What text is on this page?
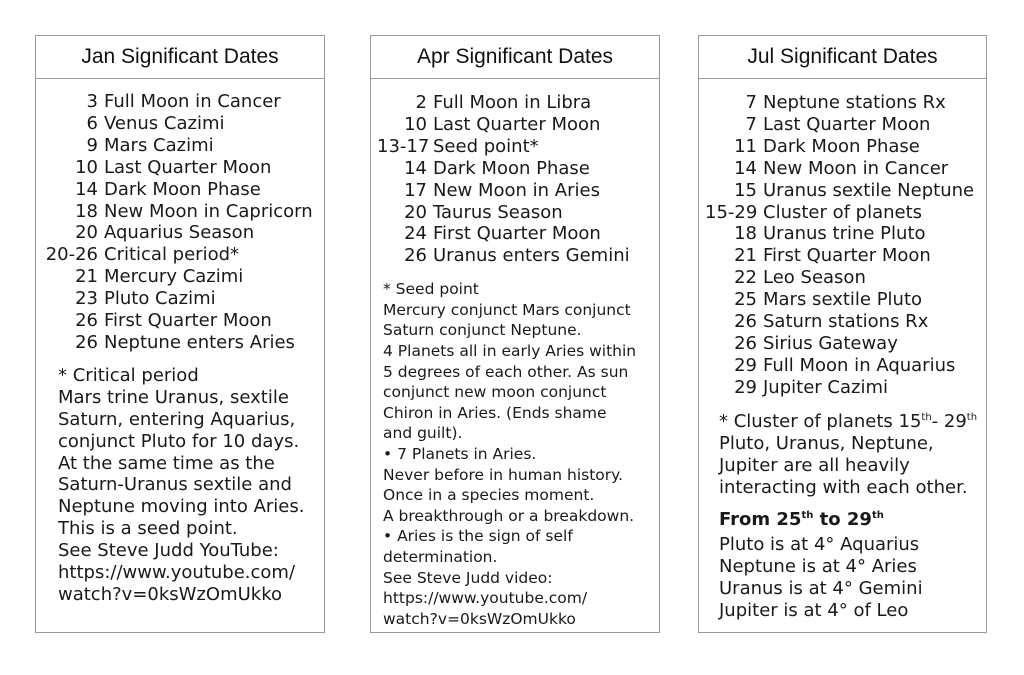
Jan Significant Dates
3 Full Moon in Cancer
6 Venus Cazimi
9 Mars Cazimi
10 Last Quarter Moon
14 Dark Moon Phase
18 New Moon in Capricorn
20 Aquarius Season
20-26 Critical period*
21 Mercury Cazimi
23 Pluto Cazimi
26 First Quarter Moon
26 Neptune enters Aries
* Critical period
Mars trine Uranus, sextile
Saturn, entering Aquarius,
conjunct Pluto for 10 days.
At the same time as the
Saturn-Uranus sextile and
Neptune moving into Aries.
This is a seed point.
See Steve Judd YouTube:
https://www.youtube.com/
watch?v=0ksWzOmUkko
Apr Significant Dates
2 Full Moon in Libra
10 Last Quarter Moon
13-17 Seed point*
14 Dark Moon Phase
17 New Moon in Aries
20 Taurus Season
24 First Quarter Moon
26 Uranus enters Gemini
* Seed point
Mercury conjunct Mars conjunct
Saturn conjunct Neptune.
4 Planets all in early Aries within
5 degrees of each other. As sun
conjunct new moon conjunct
Chiron in Aries. (Ends shame
and guilt).
• 7 Planets in Aries.
Never before in human history.
Once in a species moment.
A breakthrough or a breakdown.
• Aries is the sign of self
determination.
See Steve Judd video:
https://www.youtube.com/
watch?v=0ksWzOmUkko
Jul Significant Dates
7 Neptune stations Rx
7 Last Quarter Moon
11 Dark Moon Phase
14 New Moon in Cancer
15 Uranus sextile Neptune
15-29 Cluster of planets
18 Uranus trine Pluto
21 First Quarter Moon
22 Leo Season
25 Mars sextile Pluto
26 Saturn stations Rx
26 Sirius Gateway
29 Full Moon in Aquarius
29 Jupiter Cazimi
* Cluster of planets 15th- 29th
Pluto, Uranus, Neptune, Jupiter are all heavily interacting with each other.
From 25th to 29th
Pluto is at 4° Aquarius
Neptune is at 4° Aries
Uranus is at 4° Gemini
Jupiter is at 4° of Leo
